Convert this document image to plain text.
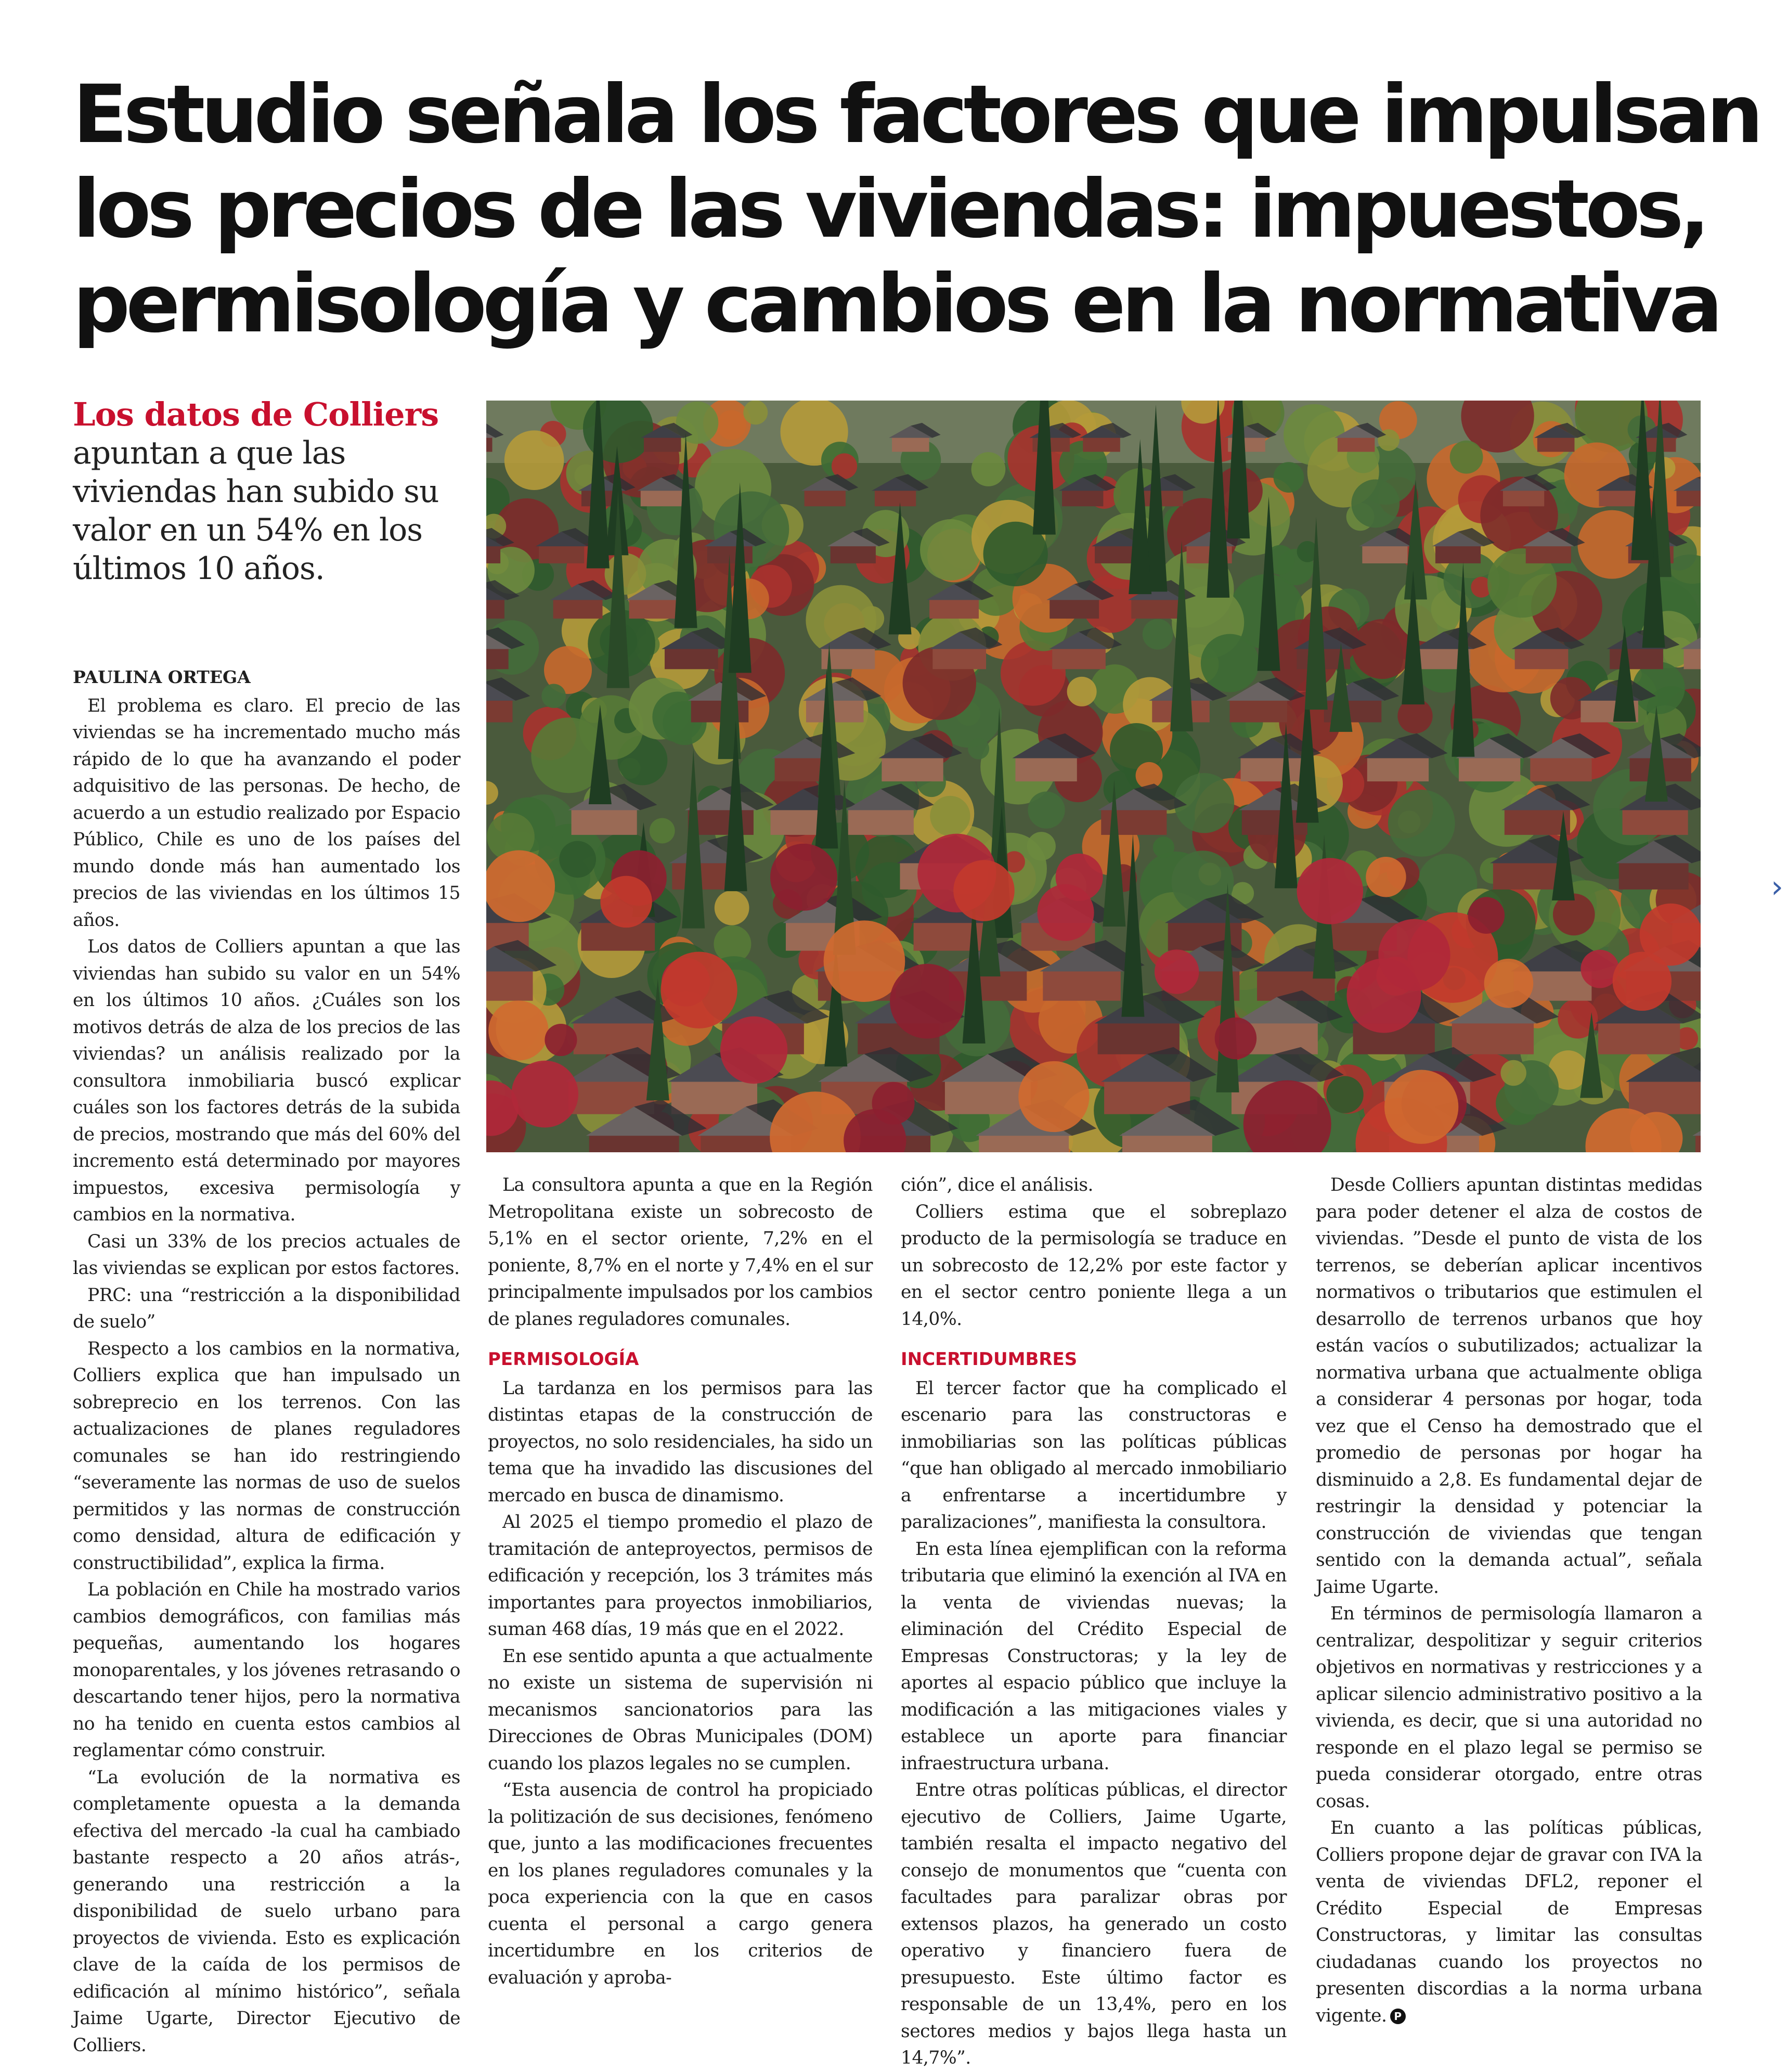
Estudio señala los factores que impulsan
los precios de las viviendas: impuestos,
permisología y cambios en la normativa
Los datos de Colliers
apuntan a que las viviendas han subido su valor en un 54% en los últimos 10 años.
›
PAULINA ORTEGA

El problema es claro. El precio de las viviendas se ha incrementado mucho más rápido de lo que ha avanzando el poder adquisitivo de las personas. De hecho, de acuerdo a un estudio realizado por Espacio Público, Chile es uno de los países del mundo donde más han aumentado los precios de las viviendas en los últimos 15 años.

Los datos de Colliers apuntan a que las viviendas han subido su valor en un 54% en los últimos 10 años. ¿Cuáles son los motivos detrás de alza de los precios de las viviendas? un análisis realizado por la consultora inmobiliaria buscó explicar cuáles son los factores detrás de la subida de precios, mostrando que más del 60% del incremento está determinado por mayores impuestos, excesiva permisología y cambios en la normativa.

Casi un 33% de los precios actuales de las viviendas se explican por estos factores.

PRC: una “restricción a la disponibilidad de suelo”

Respecto a los cambios en la normativa, Colliers explica que han impulsado un sobreprecio en los terrenos. Con las actualizaciones de planes reguladores comunales se han ido restringiendo “severamente las normas de uso de suelos permitidos y las normas de construcción como densidad, altura de edificación y constructibilidad”, explica la firma.

La población en Chile ha mostrado varios cambios demográficos, con familias más pequeñas, aumentando los hogares monoparentales, y los jóvenes retrasando o descartando tener hijos, pero la normativa no ha tenido en cuenta estos cambios al reglamentar cómo construir.

“La evolución de la normativa es completamente opuesta a la demanda efectiva del mercado -la cual ha cambiado bastante respecto a 20 años atrás-, generando una restricción a la disponibilidad de suelo urbano para proyectos de vivienda. Esto es explicación clave de la caída de los permisos de edificación al mínimo histórico”, señala Jaime Ugarte, Director Ejecutivo de Colliers.

La consultora apunta a que en la Región Metropolitana existe un sobrecosto de 5,1% en el sector oriente, 7,2% en el poniente, 8,7% en el norte y 7,4% en el sur principalmente impulsados por los cambios de planes reguladores comunales.

PERMISOLOGÍA

La tardanza en los permisos para las distintas etapas de la construcción de proyectos, no solo residenciales, ha sido un tema que ha invadido las discusiones del mercado en busca de dinamismo.

Al 2025 el tiempo promedio el plazo de tramitación de anteproyectos, permisos de edificación y recepción, los 3 trámites más importantes para proyectos inmobiliarios, suman 468 días, 19 más que en el 2022.

En ese sentido apunta a que actualmente no existe un sistema de supervisión ni mecanismos sancionatorios para las Direcciones de Obras Municipales (DOM) cuando los plazos legales no se cumplen.

“Esta ausencia de control ha propiciado la politización de sus decisiones, fenómeno que, junto a las modificaciones frecuentes en los planes reguladores comunales y la poca experiencia con la que en casos cuenta el personal a cargo genera incertidumbre en los criterios de evaluación y aproba-

ción”, dice el análisis.

Colliers estima que el sobreplazo producto de la permisología se traduce en un sobrecosto de 12,2% por este factor y en el sector centro poniente llega a un 14,0%.

INCERTIDUMBRES

El tercer factor que ha complicado el escenario para las constructoras e inmobiliarias son las políticas públicas “que han obligado al mercado inmobiliario a enfrentarse a incertidumbre y paralizaciones”, manifiesta la consultora.

En esta línea ejemplifican con la reforma tributaria que eliminó la exención al IVA en la venta de viviendas nuevas; la eliminación del Crédito Especial de Empresas Constructoras; y la ley de aportes al espacio público que incluye la modificación a las mitigaciones viales y establece un aporte para financiar infraestructura urbana.

Entre otras políticas públicas, el director ejecutivo de Colliers, Jaime Ugarte, también resalta el impacto negativo del consejo de monumentos que “cuenta con facultades para paralizar obras por extensos plazos, ha generado un costo operativo y financiero fuera de presupuesto. Este último factor es responsable de un 13,4%, pero en los sectores medios y bajos llega hasta un 14,7%”.

Desde Colliers apuntan distintas medidas para poder detener el alza de costos de viviendas. ”Desde el punto de vista de los terrenos, se deberían aplicar incentivos normativos o tributarios que estimulen el desarrollo de terrenos urbanos que hoy están vacíos o subutilizados; actualizar la normativa urbana que actualmente obliga a considerar 4 personas por hogar, toda vez que el Censo ha demostrado que el promedio de personas por hogar ha disminuido a 2,8. Es fundamental dejar de restringir la densidad y potenciar la construcción de viviendas que tengan sentido con la demanda actual”, señala Jaime Ugarte.

En términos de permisología llamaron a centralizar, despolitizar y seguir criterios objetivos en normativas y restricciones y a aplicar silencio administrativo positivo a la vivienda, es decir, que si una autoridad no responde en el plazo legal se permiso se pueda considerar otorgado, entre otras cosas.

En cuanto a las políticas públicas, Colliers propone dejar de gravar con IVA la venta de viviendas DFL2, reponer el Crédito Especial de Empresas Constructoras, y limitar las consultas ciudadanas cuando los proyectos no presenten discordias a la norma urbana vigente. P
